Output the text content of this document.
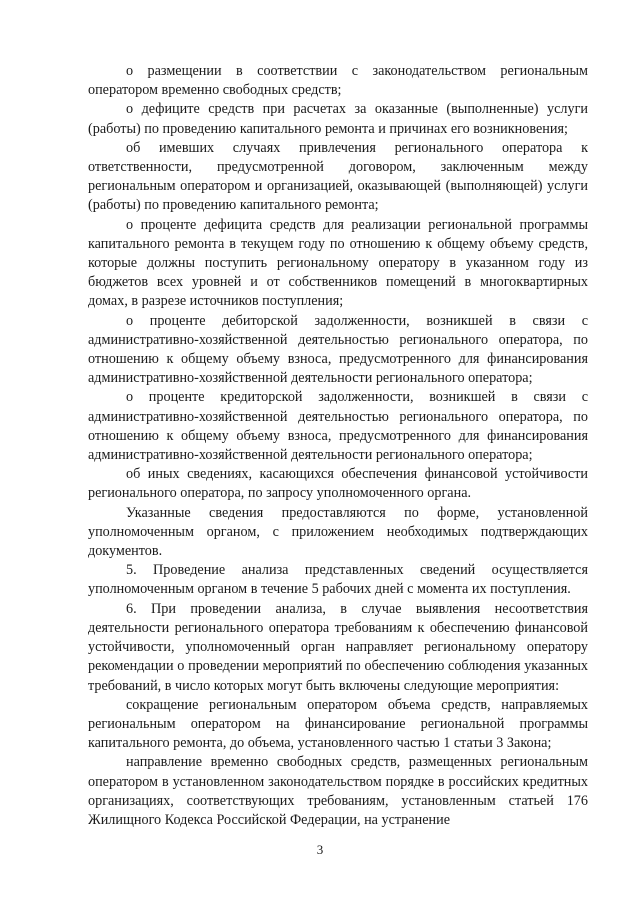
о размещении в соответствии с законодательством региональным оператором временно свободных средств;

о дефиците средств при расчетах за оказанные (выполненные) услуги (работы) по проведению капитального ремонта и причинах его возникновения;

об имевших случаях привлечения регионального оператора к ответственности, предусмотренной договором, заключенным между региональным оператором и организацией, оказывающей (выполняющей) услуги (работы) по проведению капитального ремонта;

о проценте дефицита средств для реализации региональной программы капитального ремонта в текущем году по отношению к общему объему средств, которые должны поступить региональному оператору в указанном году из бюджетов всех уровней и от собственников помещений в многоквартирных домах, в разрезе источников поступления;

о проценте дебиторской задолженности, возникшей в связи с административно-хозяйственной деятельностью регионального оператора, по отношению к общему объему взноса, предусмотренного для финансирования административно-хозяйственной деятельности регионального оператора;

о проценте кредиторской задолженности, возникшей в связи с административно-хозяйственной деятельностью регионального оператора, по отношению к общему объему взноса, предусмотренного для финансирования административно-хозяйственной деятельности регионального оператора;

об иных сведениях, касающихся обеспечения финансовой устойчивости регионального оператора, по запросу уполномоченного органа.

Указанные сведения предоставляются по форме, установленной уполномоченным органом, с приложением необходимых подтверждающих документов.

5. Проведение анализа представленных сведений осуществляется уполномоченным органом в течение 5 рабочих дней с момента их поступления.

6. При проведении анализа, в случае выявления несоответствия деятельности регионального оператора требованиям к обеспечению финансовой устойчивости, уполномоченный орган направляет региональному оператору рекомендации о проведении мероприятий по обеспечению соблюдения указанных требований, в число которых могут быть включены следующие мероприятия:

сокращение региональным оператором объема средств, направляемых региональным оператором на финансирование региональной программы капитального ремонта, до объема, установленного частью 1 статьи 3 Закона;

направление временно свободных средств, размещенных региональным оператором в установленном законодательством порядке в российских кредитных организациях, соответствующих требованиям, установленным статьей 176 Жилищного Кодекса Российской Федерации, на устранение

3
